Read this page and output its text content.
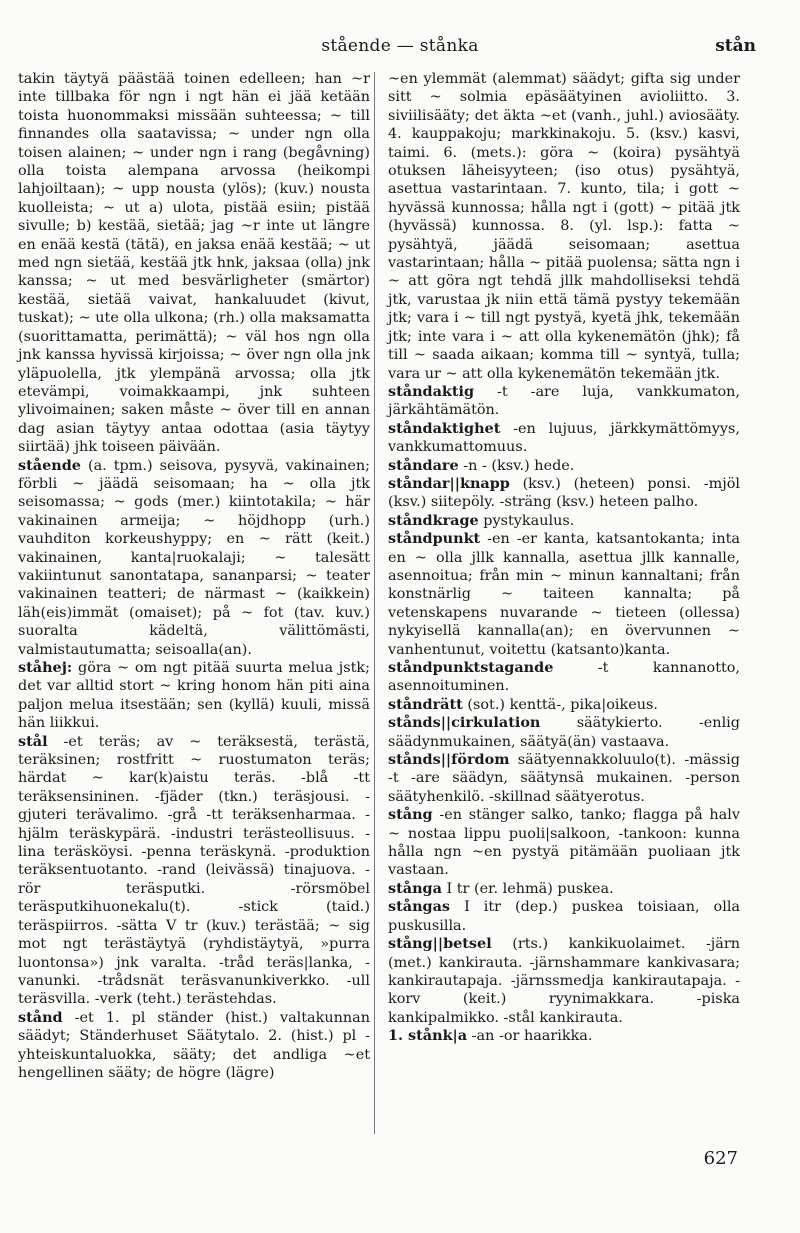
stående — stånka	stån

takin täytyä päästää toinen edelleen; han ~r inte tillbaka för ngn i ngt hän ei jää ketään toista huonommaksi missään suhteessa; ~ till finnandes olla saatavissa; ~ under ngn olla toisen alainen; ~ under ngn i rang (begåvning) olla toista alempana arvossa (heikompi lahjoiltaan); ~ upp nousta (ylös); (kuv.) nousta kuolleista; ~ ut a) ulota, pistää esiin; pistää sivulle; b) kestää, sietää; jag ~r inte ut längre en enää kestä (tätä), en jaksa enää kestää; ~ ut med ngn sietää, kestää jtk hnk, jaksaa (olla) jnk kanssa; ~ ut med besvärligheter (smärtor) kestää, sietää vaivat, hankaluudet (kivut, tuskat); ~ ute olla ulkona; (rh.) olla maksamatta (suorittamatta, perimättä); ~ väl hos ngn olla jnk kanssa hyvissä kirjoissa; ~ över ngn olla jnk yläpuolella, jtk ylempänä arvossa; olla jtk etevämpi, voimakkaampi, jnk suhteen ylivoimainen; saken måste ~ över till en annan dag asian täytyy antaa odottaa (asia täytyy siirtää) jhk toiseen päivään.

stående (a. tpm.) seisova, pysyvä, vakinainen; förbli ~ jäädä seisomaan; ha ~ olla jtk seisomassa; ~ gods (mer.) kiintotakila; ~ här vakinainen armeija; ~ höjdhopp (urh.) vauhditon korkeushyppy; en ~ rätt (keit.) vakinainen, kanta|ruokalaji; ~ talesätt vakiintunut sanontatapa, sananparsi; ~ teater vakinainen teatteri; de närmast ~ (kaikkein) läh(eis)immät (omaiset); på ~ fot (tav. kuv.) suoralta kädeltä, välittömästi, valmistautumatta; seisoalla(an).

ståhej: göra ~ om ngt pitää suurta melua jstk; det var alltid stort ~ kring honom hän piti aina paljon melua itsestään; sen (kyllä) kuuli, missä hän liikkui.

stål -et teräs; av ~ teräksestä, terästä, teräksinen; rostfritt ~ ruostumaton teräs; härdat ~ kar(k)aistu teräs. -blå -tt teräksensininen. -fjäder (tkn.) teräsjousi. -gjuteri terävalimo. -grå -tt teräksenharmaa. -hjälm teräskypärä. -industri terästeollisuus. -lina teräsköysi. -penna teräskynä. -produktion teräksentuotanto. -rand (leivässä) tinajuova. -rör teräsputki. -rörsmöbel teräsputkihuonekalu(t). -stick (taid.) teräspiirros. -sätta V tr (kuv.) terästää; ~ sig mot ngt terästäytyä (ryhdistäytyä, »purra luontonsa») jnk varalta. -tråd teräs|lanka, -vanunki. -trådsnät teräsvanunkiverkko. -ull teräsvilla. -verk (teht.) terästehdas.

stånd -et 1. pl ständer (hist.) valtakunnan säädyt; Ständerhuset Säätytalo. 2. (hist.) pl - yhteiskuntaluokka, sääty; det andliga ~et hengellinen sääty; de högre (lägre)

~en ylemmät (alemmat) säädyt; gifta sig under sitt ~ solmia epäsäätyinen avioliitto. 3. siviilisääty; det äkta ~et (vanh., juhl.) aviosääty. 4. kauppakoju; markkinakoju. 5. (ksv.) kasvi, taimi. 6. (mets.): göra ~ (koira) pysähtyä otuksen läheisyyteen; (iso otus) pysähtyä, asettua vastarintaan. 7. kunto, tila; i gott ~ hyvässä kunnossa; hålla ngt i (gott) ~ pitää jtk (hyvässä) kunnossa. 8. (yl. lsp.): fatta ~ pysähtyä, jäädä seisomaan; asettua vastarintaan; hålla ~ pitää puolensa; sätta ngn i ~ att göra ngt tehdä jllk mahdolliseksi tehdä jtk, varustaa jk niin että tämä pystyy tekemään jtk; vara i ~ till ngt pystyä, kyetä jhk, tekemään jtk; inte vara i ~ att olla kykenemätön (jhk); få till ~ saada aikaan; komma till ~ syntyä, tulla; vara ur ~ att olla kykenemätön tekemään jtk.

ståndaktig -t -are luja, vankkumaton, järkähtämätön.

ståndaktighet -en lujuus, järkkymättömyys, vankkumattomuus.

ståndare -n - (ksv.) hede.

ståndar||knapp (ksv.) (heteen) ponsi. -mjöl (ksv.) siitepöly. -sträng (ksv.) heteen palho.

ståndkrage pystykaulus.

ståndpunkt -en -er kanta, katsantokanta; inta en ~ olla jllk kannalla, asettua jllk kannalle, asennoitua; från min ~ minun kannaltani; från konstnärlig ~ taiteen kannalta; på vetenskapens nuvarande ~ tieteen (ollessa) nykyisellä kannalla(an); en övervunnen ~ vanhentunut, voitettu (katsanto)kanta.

ståndpunktstagande	-t kannanotto, asennoituminen.

ståndrätt (sot.) kenttä-, pika|oikeus.

stånds||cirkulation	säätykierto. -enlig säädynmukainen, säätyä(än) vastaava.

stånds||fördom säätyennakkoluulo(t). -mässig -t -are säädyn, säätynsä mukainen. -person säätyhenkilö. -skillnad säätyerotus.

stång -en stänger salko, tanko; flagga på halv ~ nostaa lippu puoli|salkoon, -tankoon: kunna hålla ngn ~en pystyä pitämään puoliaan jtk vastaan.

stånga I tr (er. lehmä) puskea.

stångas I itr (dep.) puskea toisiaan, olla puskusilla.

stång||betsel (rts.) kankikuolaimet. -järn (met.) kankirauta. -järnshammare kankivasara; kankirautapaja. -järnssmedja kankirautapaja. -korv (keit.) ryynimakkara. -piska kankipalmikko. -stål kankirauta.

1. stånk|a -an -or haarikka.

627
